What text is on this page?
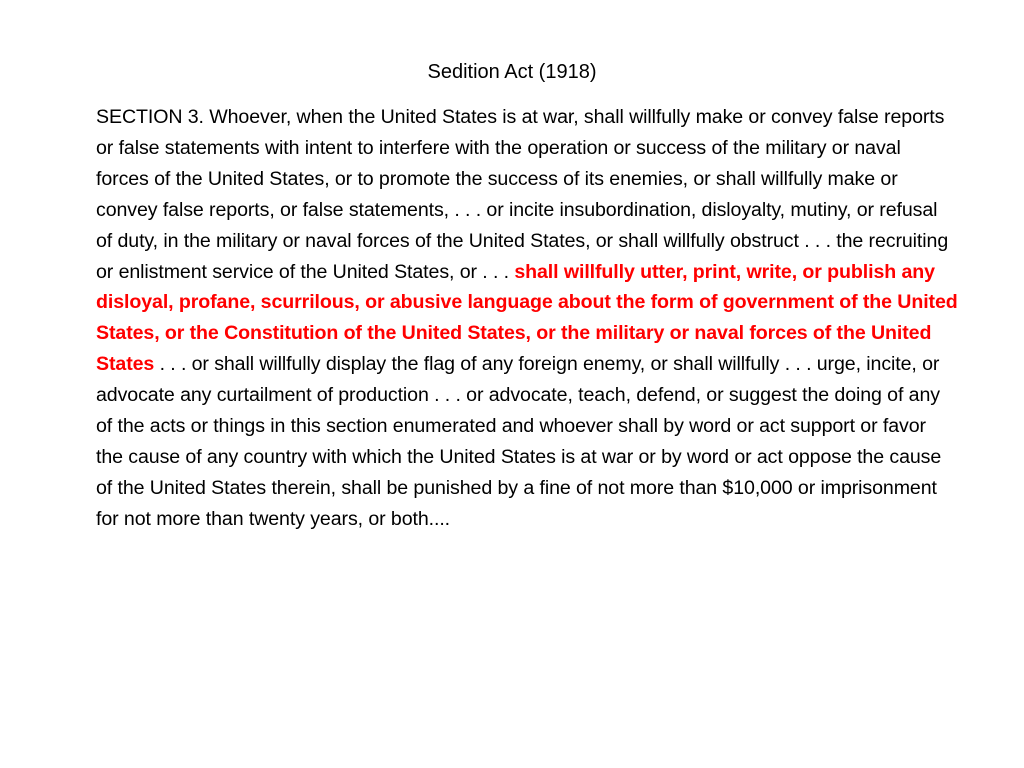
Sedition Act (1918)
SECTION 3. Whoever, when the United States is at war, shall willfully make or convey false reports or false statements with intent to interfere with the operation or success of the military or naval forces of the United States, or to promote the success of its enemies, or shall willfully make or convey false reports, or false statements, . . . or incite insubordination, disloyalty, mutiny, or refusal of duty, in the military or naval forces of the United States, or shall willfully obstruct . . . the recruiting or enlistment service of the United States, or . . . shall willfully utter, print, write, or publish any disloyal, profane, scurrilous, or abusive language about the form of government of the United States, or the Constitution of the United States, or the military or naval forces of the United States . . . or shall willfully display the flag of any foreign enemy, or shall willfully . . . urge, incite, or advocate any curtailment of production . . . or advocate, teach, defend, or suggest the doing of any of the acts or things in this section enumerated and whoever shall by word or act support or favor the cause of any country with which the United States is at war or by word or act oppose the cause of the United States therein, shall be punished by a fine of not more than $10,000 or imprisonment for not more than twenty years, or both....
